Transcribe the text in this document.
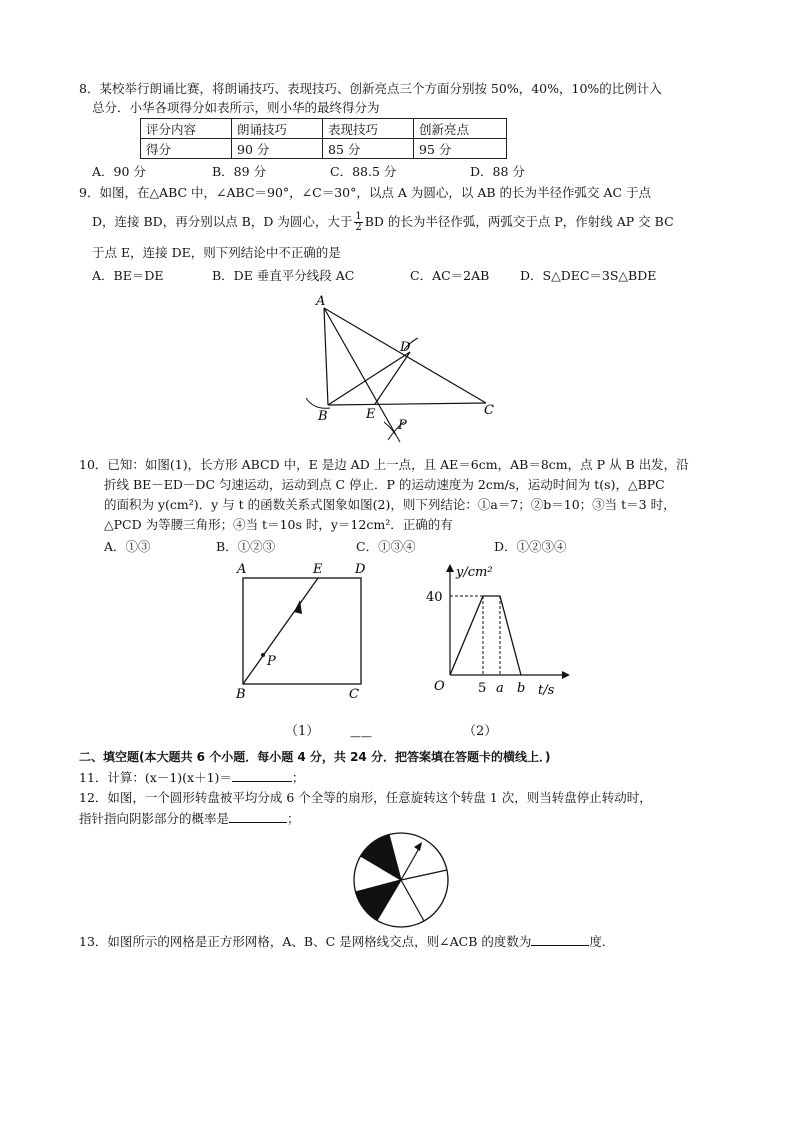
8．某校举行朗诵比赛，将朗诵技巧、表现技巧、创新亮点三个方面分别按 50%，40%，10%的比例计入
总分．小华各项得分如表所示，则小华的最终得分为
评分内容	朗诵技巧	表现技巧	创新亮点
得分	90 分	85 分	95 分
A．90 分	B．89 分	C．88.5 分	D．88 分
9．如图，在△ABC 中，∠ABC＝90°，∠C＝30°，以点 A 为圆心，以 AB 的长为半径作弧交 AC 于点
D，连接 BD，再分别以点 B，D 为圆心，大于 $\frac{1}{2}$ BD 的长为半径作弧，两弧交于点 P，作射线 AP 交 BC
于点 E，连接 DE，则下列结论中不正确的是
A．BE＝DE	B．DE 垂直平分线段 AC	C．AC＝2AB D．S△DEC＝3S△BDE
A
B	C
D
E
P
10．已知：如图(1)，长方形 ABCD 中，E 是边 AD 上一点，且 AE＝6cm，AB＝8cm，点 P 从 B 出发，沿
折线 BE－ED－DC 匀速运动，运动到点 C 停止．P 的运动速度为 2cm/s，运动时间为 t(s)，△BPC
的面积为 y(cm²)．y 与 t 的函数关系式图象如图(2)，则下列结论：①a＝7；②b＝10；③当 t＝3 时，
△PCD 为等腰三角形；④当 t＝10s 时，y＝12cm²．正确的有
A．①③	B．①②③	C．①③④	D．①②③④
A	E	D
P
B	C
y/cm²
40
O	5 a b t/s
（1）	（2）
——
二、填空题(本大题共 6 个小题．每小题 4 分，共 24 分．把答案填在答题卡的横线上．)
11．计算：(x－1)(x＋1)＝	；
12．如图，一个圆形转盘被平均分成 6 个全等的扇形，任意旋转这个转盘 1 次，则当转盘停止转动时，
指针指向阴影部分的概率是	；
13．如图所示的网格是正方形网格，A、B、C 是网格线交点，则∠ACB 的度数为	度．
